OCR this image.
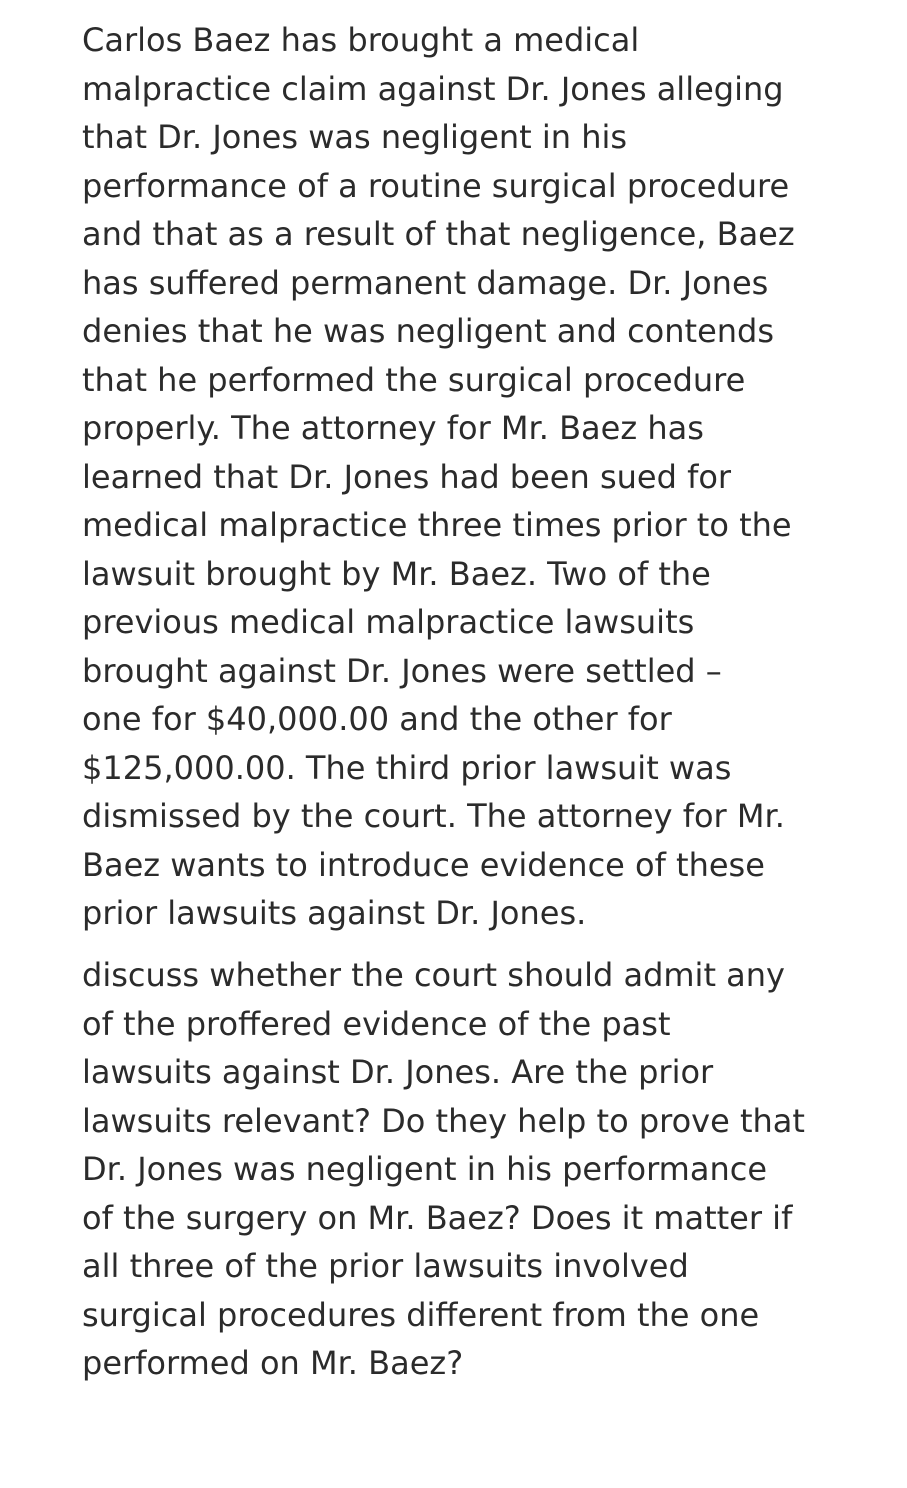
Carlos Baez has brought a medical
malpractice claim against Dr. Jones alleging
that Dr. Jones was negligent in his
performance of a routine surgical procedure
and that as a result of that negligence, Baez
has suffered permanent damage. Dr. Jones
denies that he was negligent and contends
that he performed the surgical procedure
properly. The attorney for Mr. Baez has
learned that Dr. Jones had been sued for
medical malpractice three times prior to the
lawsuit brought by Mr. Baez. Two of the
previous medical malpractice lawsuits
brought against Dr. Jones were settled –
one for $40,000.00 and the other for
$125,000.00. The third prior lawsuit was
dismissed by the court. The attorney for Mr.
Baez wants to introduce evidence of these
prior lawsuits against Dr. Jones.
discuss whether the court should admit any
of the proffered evidence of the past
lawsuits against Dr. Jones. Are the prior
lawsuits relevant? Do they help to prove that
Dr. Jones was negligent in his performance
of the surgery on Mr. Baez? Does it matter if
all three of the prior lawsuits involved
surgical procedures different from the one
performed on Mr. Baez?
